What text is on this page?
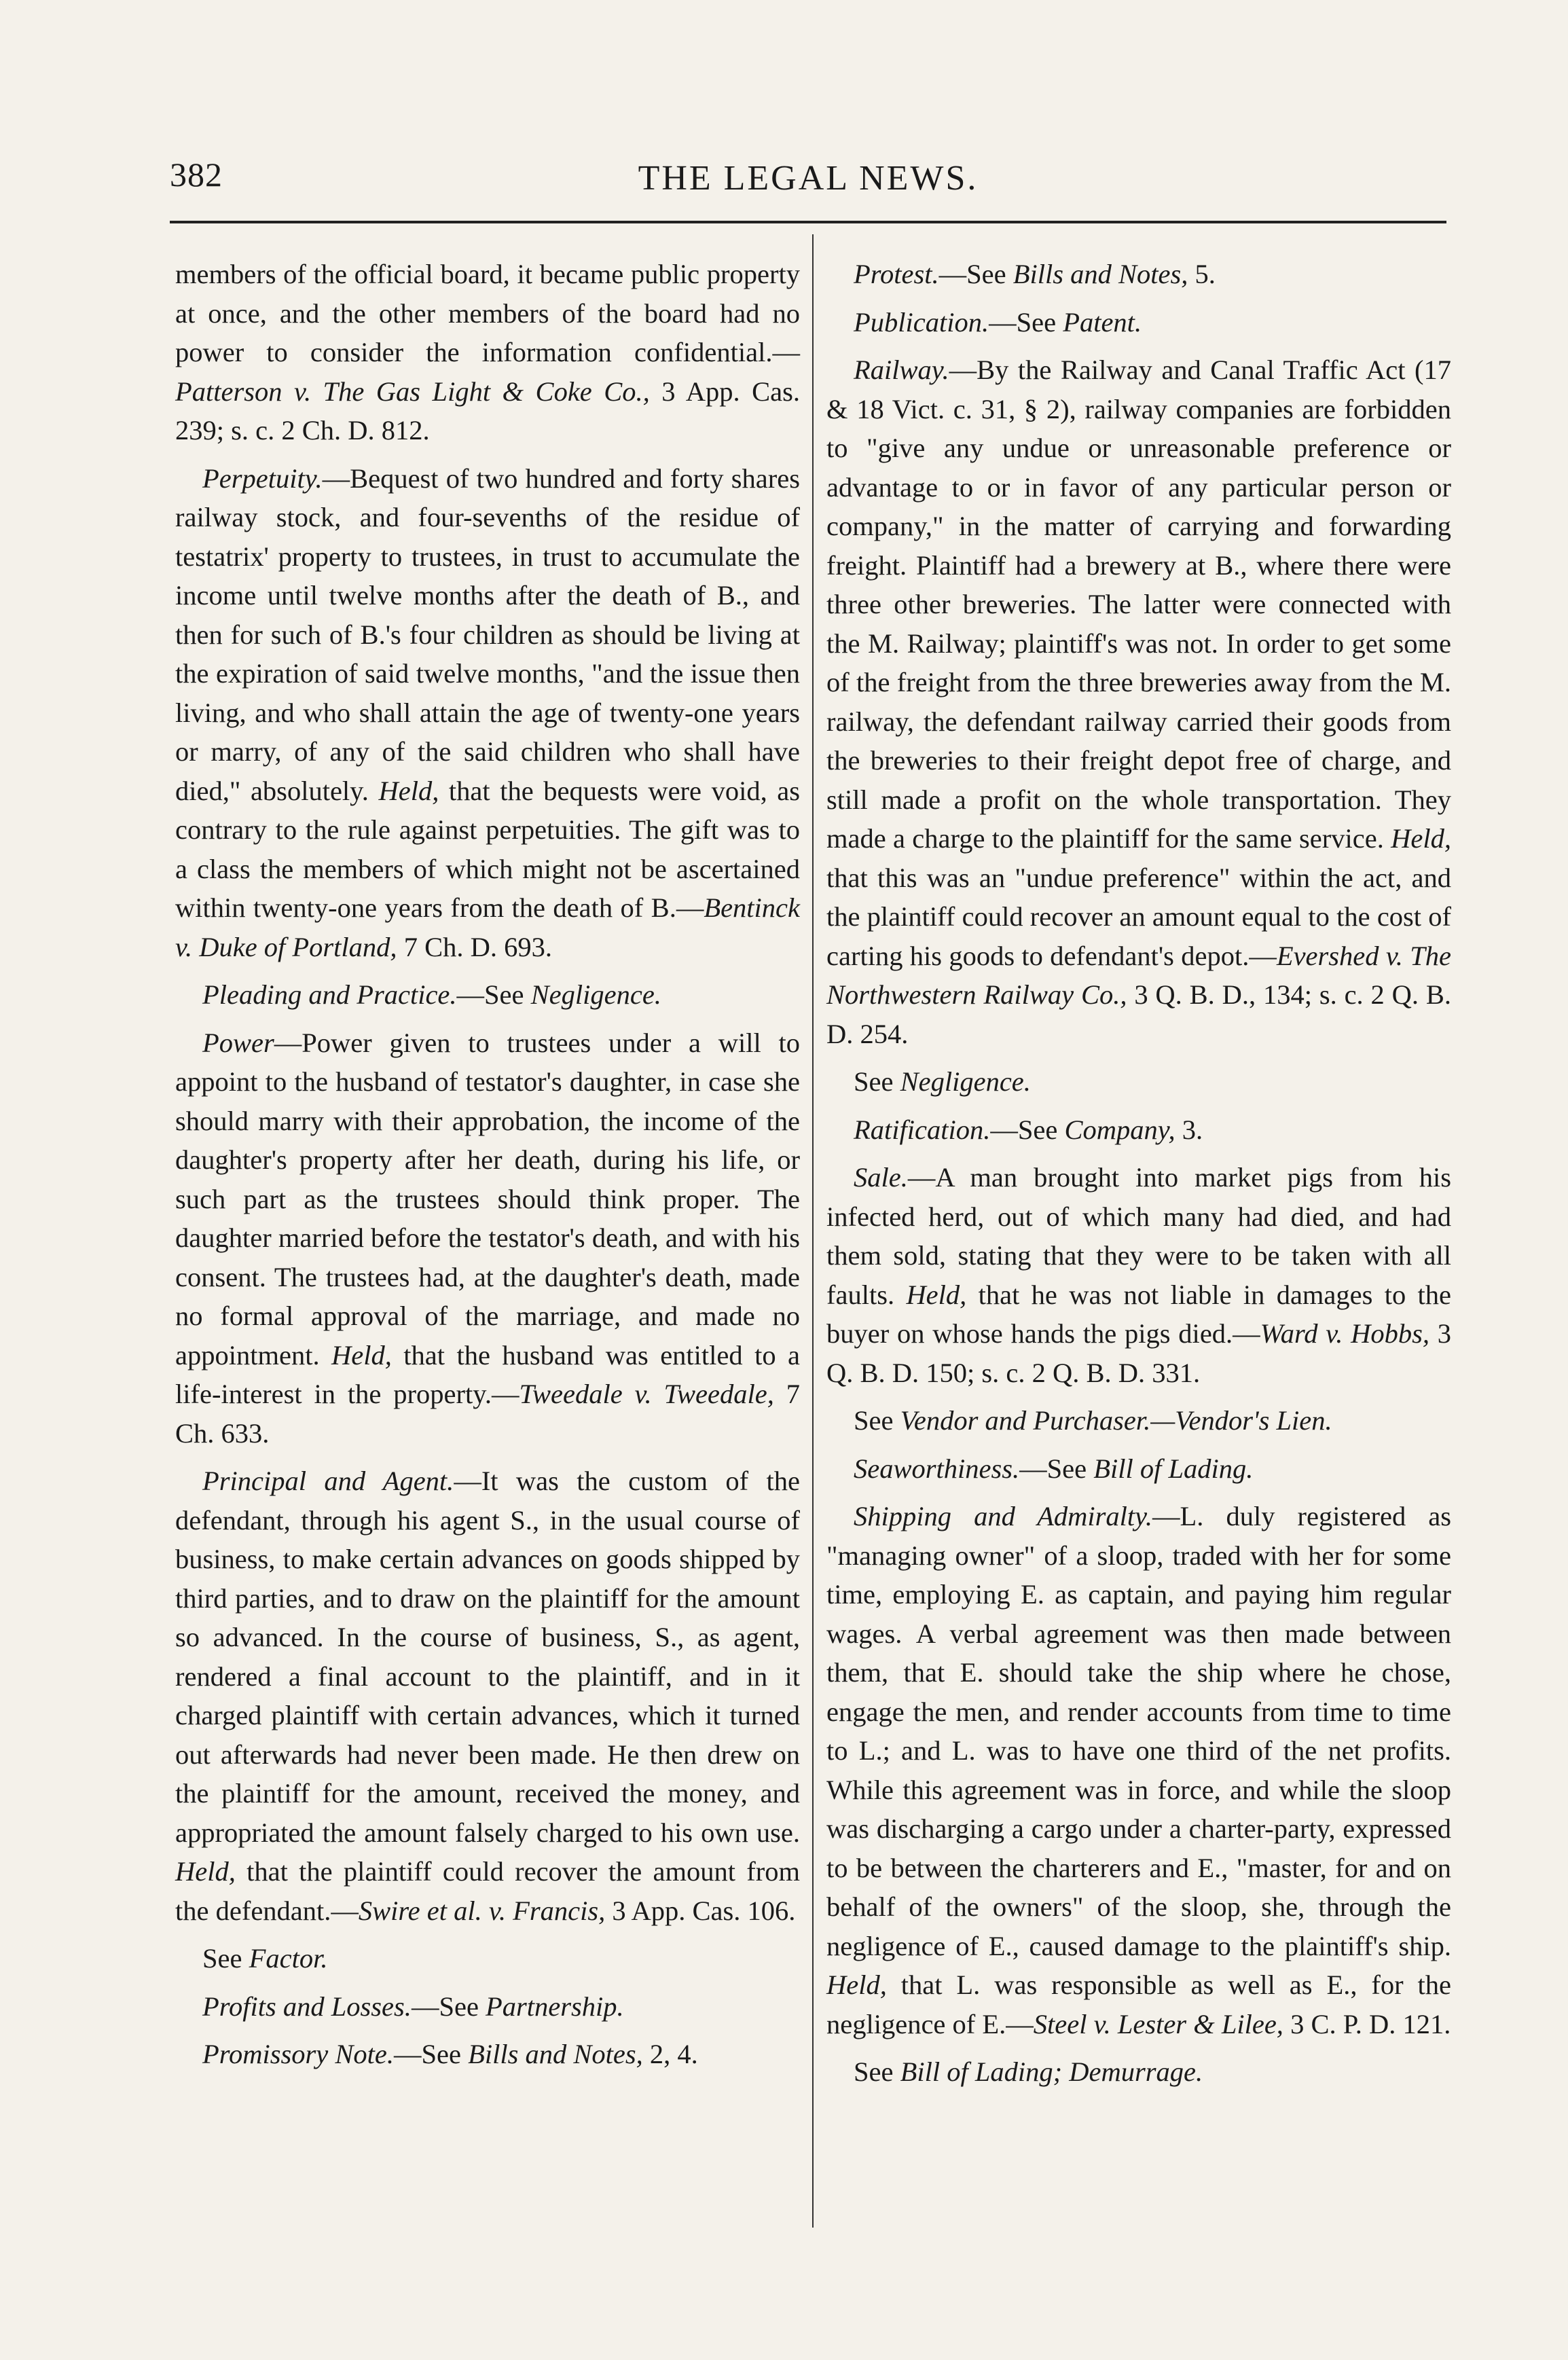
382	THE LEGAL NEWS.

members of the official board, it became public property at once, and the other members of the board had no power to consider the information confidential.—Patterson v. The Gas Light & Coke Co., 3 App. Cas. 239; s. c. 2 Ch. D. 812.

Perpetuity.—Bequest of two hundred and forty shares railway stock, and four-sevenths of the residue of testatrix' property to trustees, in trust to accumulate the income until twelve months after the death of B., and then for such of B.'s four children as should be living at the expiration of said twelve months, "and the issue then living, and who shall attain the age of twenty-one years or marry, of any of the said children who shall have died," absolutely. Held, that the bequests were void, as contrary to the rule against perpetuities. The gift was to a class the members of which might not be ascertained within twenty-one years from the death of B.—Bentinck v. Duke of Portland, 7 Ch. D. 693.

Pleading and Practice.—See Negligence.

Power—Power given to trustees under a will to appoint to the husband of testator's daughter, in case she should marry with their approbation, the income of the daughter's property after her death, during his life, or such part as the trustees should think proper. The daughter married before the testator's death, and with his consent. The trustees had, at the daughter's death, made no formal approval of the marriage, and made no appointment. Held, that the husband was entitled to a life-interest in the property.—Tweedale v. Tweedale, 7 Ch. 633.

Principal and Agent.—It was the custom of the defendant, through his agent S., in the usual course of business, to make certain advances on goods shipped by third parties, and to draw on the plaintiff for the amount so advanced. In the course of business, S., as agent, rendered a final account to the plaintiff, and in it charged plaintiff with certain advances, which it turned out afterwards had never been made. He then drew on the plaintiff for the amount, received the money, and appropriated the amount falsely charged to his own use. Held, that the plaintiff could recover the amount from the defendant.—Swire et al. v. Francis, 3 App. Cas. 106.

See Factor.

Profits and Losses.—See Partnership.

Promissory Note.—See Bills and Notes, 2, 4.

Protest.—See Bills and Notes, 5.

Publication.—See Patent.

Railway.—By the Railway and Canal Traffic Act (17 & 18 Vict. c. 31, § 2), railway companies are forbidden to "give any undue or unreasonable preference or advantage to or in favor of any particular person or company," in the matter of carrying and forwarding freight. Plaintiff had a brewery at B., where there were three other breweries. The latter were connected with the M. Railway; plaintiff's was not. In order to get some of the freight from the three breweries away from the M. railway, the defendant railway carried their goods from the breweries to their freight depot free of charge, and still made a profit on the whole transportation. They made a charge to the plaintiff for the same service. Held, that this was an "undue preference" within the act, and the plaintiff could recover an amount equal to the cost of carting his goods to defendant's depot.—Evershed v. The Northwestern Railway Co., 3 Q. B. D., 134; s. c. 2 Q. B. D. 254.

See Negligence.

Ratification.—See Company, 3.

Sale.—A man brought into market pigs from his infected herd, out of which many had died, and had them sold, stating that they were to be taken with all faults. Held, that he was not liable in damages to the buyer on whose hands the pigs died.—Ward v. Hobbs, 3 Q. B. D. 150; s. c. 2 Q. B. D. 331.

See Vendor and Purchaser.—Vendor's Lien.

Seaworthiness.—See Bill of Lading.

Shipping and Admiralty.—L. duly registered as "managing owner" of a sloop, traded with her for some time, employing E. as captain, and paying him regular wages. A verbal agreement was then made between them, that E. should take the ship where he chose, engage the men, and render accounts from time to time to L.; and L. was to have one third of the net profits. While this agreement was in force, and while the sloop was discharging a cargo under a charter-party, expressed to be between the charterers and E., "master, for and on behalf of the owners" of the sloop, she, through the negligence of E., caused damage to the plaintiff's ship. Held, that L. was responsible as well as E., for the negligence of E.—Steel v. Lester & Lilee, 3 C. P. D. 121.

See Bill of Lading; Demurrage.
